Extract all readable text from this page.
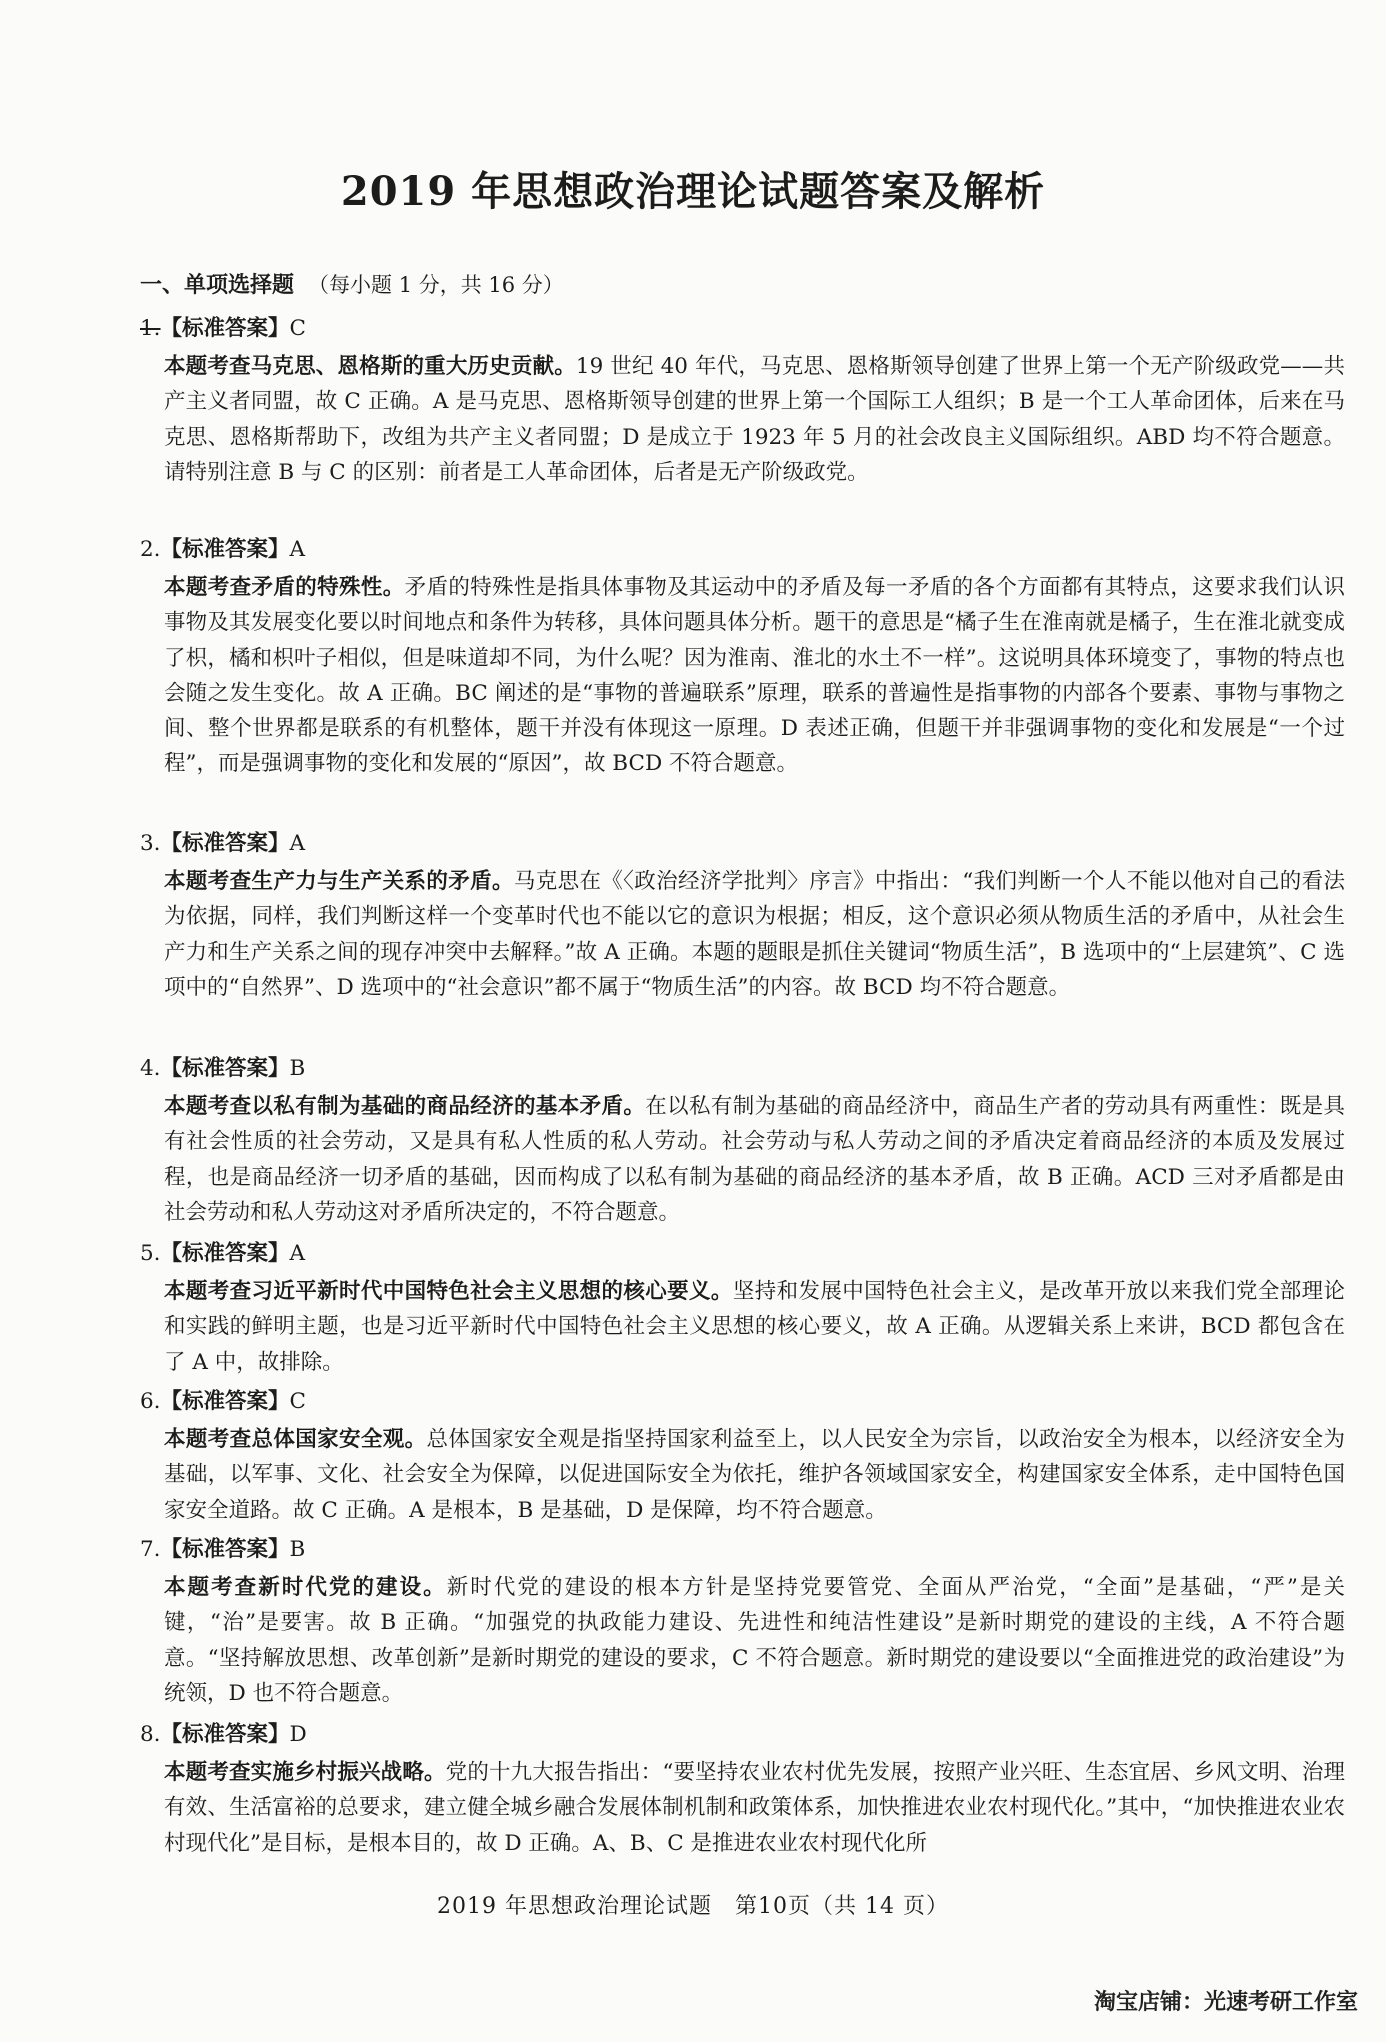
2019 年思想政治理论试题答案及解析
一、单项选择题 （每小题 1 分，共 16 分）
1.【标准答案】C
本题考查马克思、恩格斯的重大历史贡献。19 世纪 40 年代，马克思、恩格斯领导创建了世界上第一个无产阶级政党——共产主义者同盟，故 C 正确。A 是马克思、恩格斯领导创建的世界上第一个国际工人组织；B 是一个工人革命团体，后来在马克思、恩格斯帮助下，改组为共产主义者同盟；D 是成立于 1923 年 5 月的社会改良主义国际组织。ABD 均不符合题意。请特别注意 B 与 C 的区别：前者是工人革命团体，后者是无产阶级政党。
2.【标准答案】A
本题考查矛盾的特殊性。矛盾的特殊性是指具体事物及其运动中的矛盾及每一矛盾的各个方面都有其特点，这要求我们认识事物及其发展变化要以时间地点和条件为转移，具体问题具体分析。题干的意思是“橘子生在淮南就是橘子，生在淮北就变成了枳，橘和枳叶子相似，但是味道却不同，为什么呢？因为淮南、淮北的水土不一样”。这说明具体环境变了，事物的特点也会随之发生变化。故 A 正确。BC 阐述的是“事物的普遍联系”原理，联系的普遍性是指事物的内部各个要素、事物与事物之间、整个世界都是联系的有机整体，题干并没有体现这一原理。D 表述正确，但题干并非强调事物的变化和发展是“一个过程”，而是强调事物的变化和发展的“原因”，故 BCD 不符合题意。
3.【标准答案】A
本题考查生产力与生产关系的矛盾。马克思在《〈政治经济学批判〉序言》中指出：“我们判断一个人不能以他对自己的看法为依据，同样，我们判断这样一个变革时代也不能以它的意识为根据；相反，这个意识必须从物质生活的矛盾中，从社会生产力和生产关系之间的现存冲突中去解释。”故 A 正确。本题的题眼是抓住关键词“物质生活”，B 选项中的“上层建筑”、C 选项中的“自然界”、D 选项中的“社会意识”都不属于“物质生活”的内容。故 BCD 均不符合题意。
4.【标准答案】B
本题考查以私有制为基础的商品经济的基本矛盾。在以私有制为基础的商品经济中，商品生产者的劳动具有两重性：既是具有社会性质的社会劳动，又是具有私人性质的私人劳动。社会劳动与私人劳动之间的矛盾决定着商品经济的本质及发展过程，也是商品经济一切矛盾的基础，因而构成了以私有制为基础的商品经济的基本矛盾，故 B 正确。ACD 三对矛盾都是由社会劳动和私人劳动这对矛盾所决定的，不符合题意。
5.【标准答案】A
本题考查习近平新时代中国特色社会主义思想的核心要义。坚持和发展中国特色社会主义，是改革开放以来我们党全部理论和实践的鲜明主题，也是习近平新时代中国特色社会主义思想的核心要义，故 A 正确。从逻辑关系上来讲，BCD 都包含在了 A 中，故排除。
6.【标准答案】C
本题考查总体国家安全观。总体国家安全观是指坚持国家利益至上，以人民安全为宗旨，以政治安全为根本，以经济安全为基础，以军事、文化、社会安全为保障，以促进国际安全为依托，维护各领域国家安全，构建国家安全体系，走中国特色国家安全道路。故 C 正确。A 是根本，B 是基础，D 是保障，均不符合题意。
7.【标准答案】B
本题考查新时代党的建设。新时代党的建设的根本方针是坚持党要管党、全面从严治党，“全面”是基础，“严”是关键，“治”是要害。故 B 正确。“加强党的执政能力建设、先进性和纯洁性建设”是新时期党的建设的主线，A 不符合题意。“坚持解放思想、改革创新”是新时期党的建设的要求，C 不符合题意。新时期党的建设要以“全面推进党的政治建设”为统领，D 也不符合题意。
8.【标准答案】D
本题考查实施乡村振兴战略。党的十九大报告指出：“要坚持农业农村优先发展，按照产业兴旺、生态宜居、乡风文明、治理有效、生活富裕的总要求，建立健全城乡融合发展体制机制和政策体系，加快推进农业农村现代化。”其中，“加快推进农业农村现代化”是目标，是根本目的，故 D 正确。A、B、C 是推进农业农村现代化所
2019 年思想政治理论试题　第10页（共 14 页）
淘宝店铺：光速考研工作室
